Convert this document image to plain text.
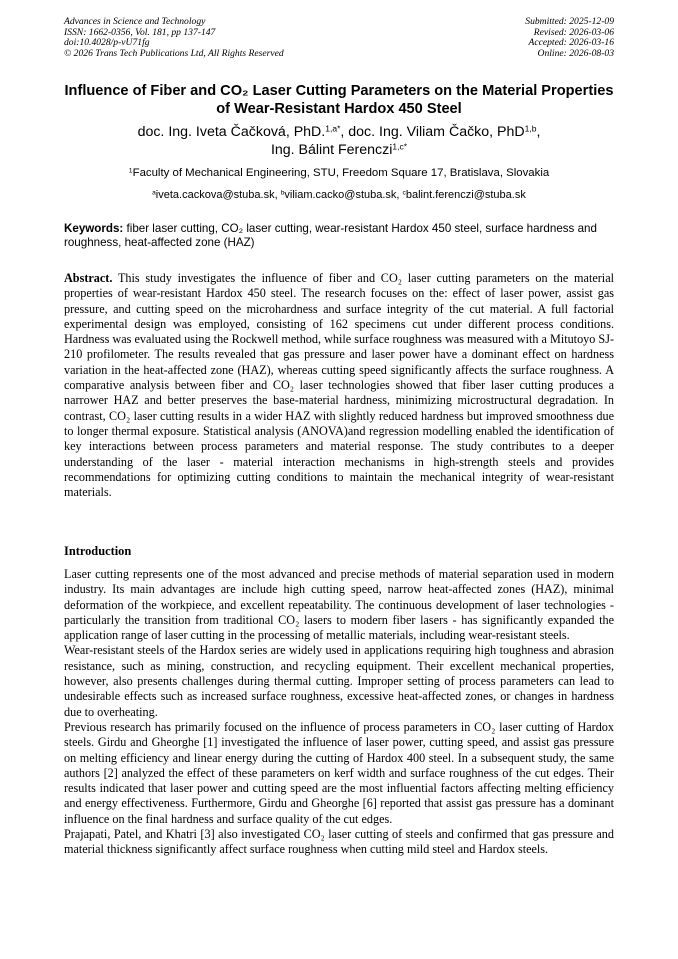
Advances in Science and Technology
ISSN: 1662-0356, Vol. 181, pp 137-147
doi:10.4028/p-vU71fg
© 2026 Trans Tech Publications Ltd, All Rights Reserved
Submitted: 2025-12-09
Revised: 2026-03-06
Accepted: 2026-03-16
Online: 2026-08-03
Influence of Fiber and CO₂ Laser Cutting Parameters on the Material Properties of Wear-Resistant Hardox 450 Steel
doc. Ing. Iveta Čačková, PhD.$^{1,a*}$, doc. Ing. Viliam Čačko, PhD$^{1,b}$,
Ing. Bálint Ferenczi$^{1,c*}$
$^1$Faculty of Mechanical Engineering, STU, Freedom Square 17, Bratislava, Slovakia
$^a$iveta.cackova@stuba.sk, $^b$viliam.cacko@stuba.sk, $^c$balint.ferenczi@stuba.sk
Keywords: fiber laser cutting, CO₂ laser cutting, wear-resistant Hardox 450 steel, surface hardness and roughness, heat-affected zone (HAZ)
Abstract. This study investigates the influence of fiber and CO₂ laser cutting parameters on the material properties of wear-resistant Hardox 450 steel. The research focuses on the: effect of laser power, assist gas pressure, and cutting speed on the microhardness and surface integrity of the cut material. A full factorial experimental design was employed, consisting of 162 specimens cut under different process conditions. Hardness was evaluated using the Rockwell method, while surface roughness was measured with a Mitutoyo SJ-210 profilometer. The results revealed that gas pressure and laser power have a dominant effect on hardness variation in the heat-affected zone (HAZ), whereas cutting speed significantly affects the surface roughness. A comparative analysis between fiber and CO₂ laser technologies showed that fiber laser cutting produces a narrower HAZ and better preserves the base-material hardness, minimizing microstructural degradation. In contrast, CO₂ laser cutting results in a wider HAZ with slightly reduced hardness but improved smoothness due to longer thermal exposure. Statistical analysis (ANOVA)and regression modelling enabled the identification of key interactions between process parameters and material response. The study contributes to a deeper understanding of the laser - material interaction mechanisms in high-strength steels and provides recommendations for optimizing cutting conditions to maintain the mechanical integrity of wear-resistant materials.
Introduction

Laser cutting represents one of the most advanced and precise methods of material separation used in modern industry. Its main advantages are include high cutting speed, narrow heat-affected zones (HAZ), minimal deformation of the workpiece, and excellent repeatability. The continuous development of laser technologies - particularly the transition from traditional CO₂ lasers to modern fiber lasers - has significantly expanded the application range of laser cutting in the processing of metallic materials, including wear-resistant steels.

Wear-resistant steels of the Hardox series are widely used in applications requiring high toughness and abrasion resistance, such as mining, construction, and recycling equipment. Their excellent mechanical properties, however, also presents challenges during thermal cutting. Improper setting of process parameters can lead to undesirable effects such as increased surface roughness, excessive heat-affected zones, or changes in hardness due to overheating.

Previous research has primarily focused on the influence of process parameters in CO₂ laser cutting of Hardox steels. Girdu and Gheorghe [1] investigated the influence of laser power, cutting speed, and assist gas pressure on melting efficiency and linear energy during the cutting of Hardox 400 steel. In a subsequent study, the same authors [2] analyzed the effect of these parameters on kerf width and surface roughness of the cut edges. Their results indicated that laser power and cutting speed are the most influential factors affecting melting efficiency and energy effectiveness. Furthermore, Girdu and Gheorghe [6] reported that assist gas pressure has a dominant influence on the final hardness and surface quality of the cut edges.

Prajapati, Patel, and Khatri [3] also investigated CO₂ laser cutting of steels and confirmed that gas pressure and material thickness significantly affect surface roughness when cutting mild steel and Hardox steels.
